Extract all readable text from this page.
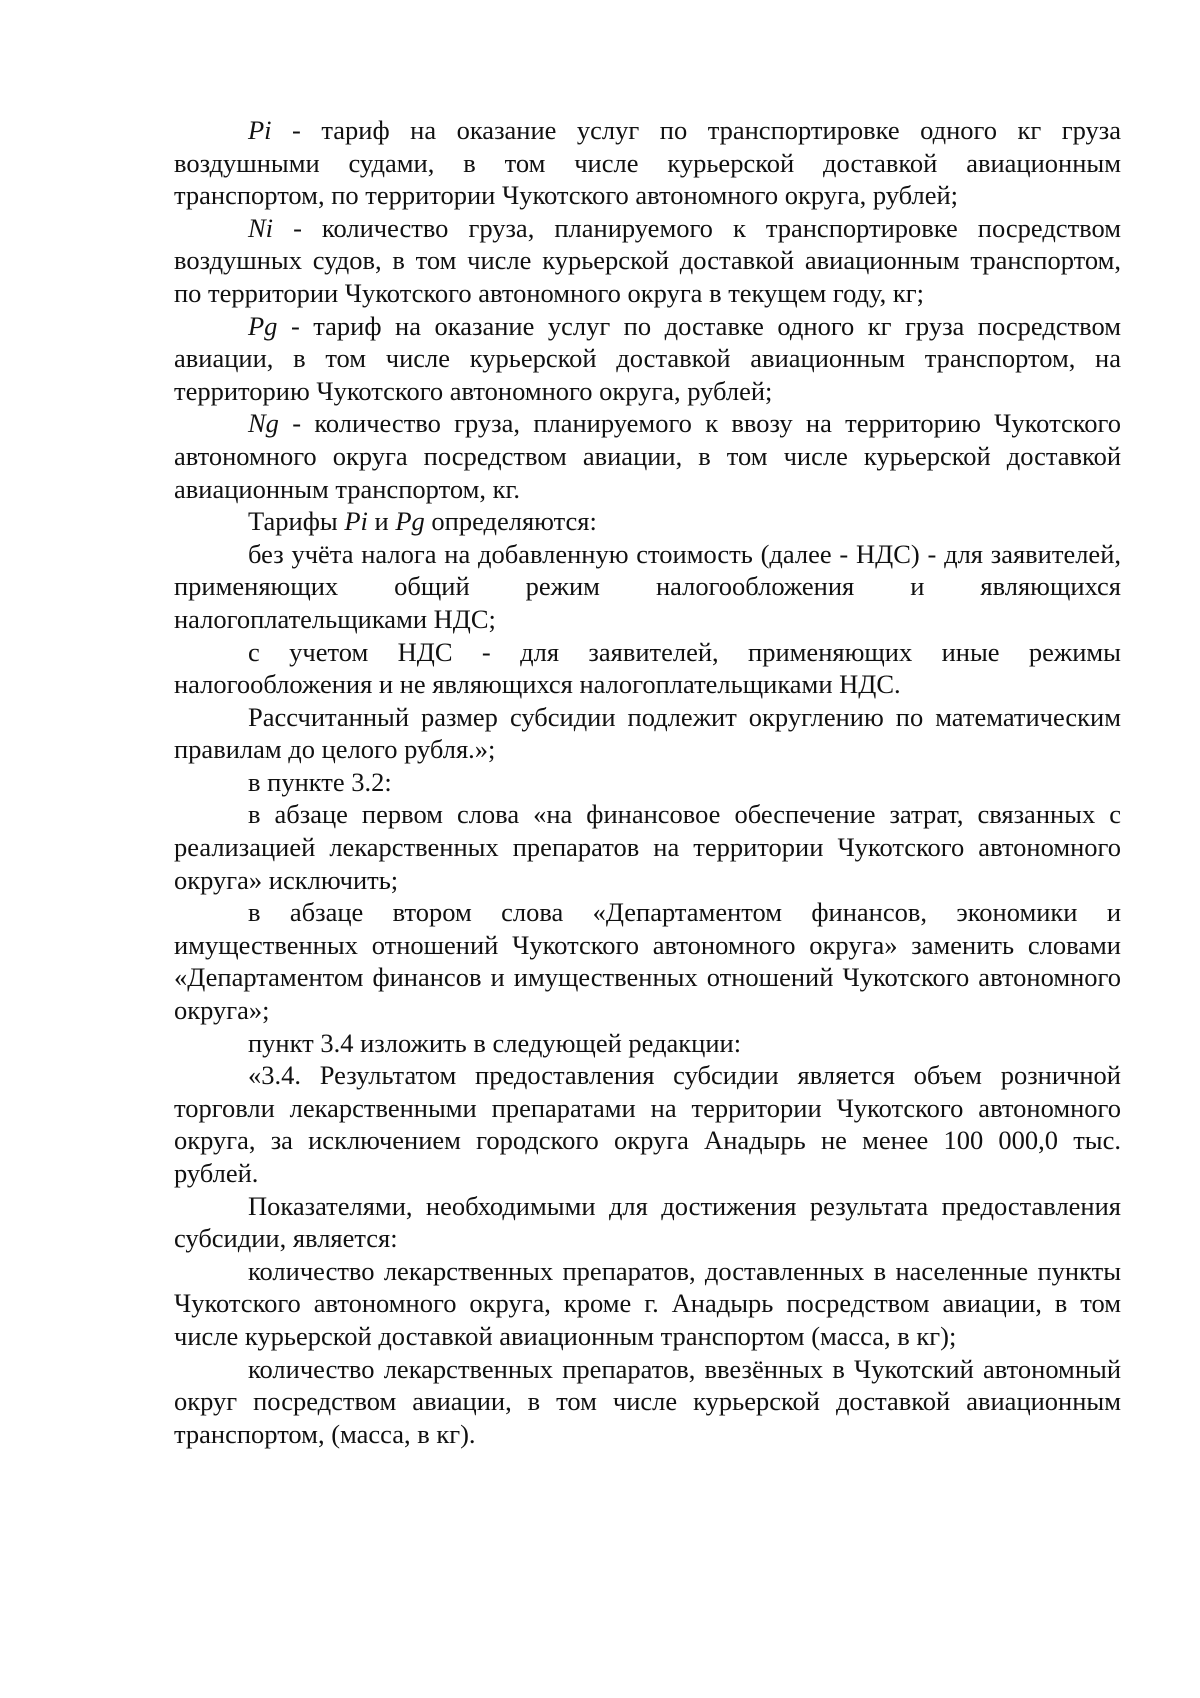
Pi - тариф на оказание услуг по транспортировке одного кг груза воздушными судами, в том числе курьерской доставкой авиационным транспортом, по территории Чукотского автономного округа, рублей;

Ni - количество груза, планируемого к транспортировке посредством воздушных судов, в том числе курьерской доставкой авиационным транспортом, по территории Чукотского автономного округа в текущем году, кг;

Pg - тариф на оказание услуг по доставке одного кг груза посредством авиации, в том числе курьерской доставкой авиационным транспортом, на территорию Чукотского автономного округа, рублей;

Ng - количество груза, планируемого к ввозу на территорию Чукотского автономного округа посредством авиации, в том числе курьерской доставкой авиационным транспортом, кг.

Тарифы Pi и Pg определяются:

без учёта налога на добавленную стоимость (далее - НДС) - для заявителей, применяющих общий режим налогообложения и являющихся налогоплательщиками НДС;

с учетом НДС - для заявителей, применяющих иные режимы налогообложения и не являющихся налогоплательщиками НДС.

Рассчитанный размер субсидии подлежит округлению по математическим правилам до целого рубля.»;

в пункте 3.2:

в абзаце первом слова «на финансовое обеспечение затрат, связанных с реализацией лекарственных препаратов на территории Чукотского автономного округа» исключить;

в абзаце втором слова «Департаментом финансов, экономики и имущественных отношений Чукотского автономного округа» заменить словами «Департаментом финансов и имущественных отношений Чукотского автономного округа»;

пункт 3.4 изложить в следующей редакции:

«3.4. Результатом предоставления субсидии является объем розничной торговли лекарственными препаратами на территории Чукотского автономного округа, за исключением городского округа Анадырь не менее 100 000,0 тыс. рублей.

Показателями, необходимыми для достижения результата предоставления субсидии, является:

количество лекарственных препаратов, доставленных в населенные пункты Чукотского автономного округа, кроме г. Анадырь посредством авиации, в том числе курьерской доставкой авиационным транспортом (масса, в кг);

количество лекарственных препаратов, ввезённых в Чукотский автономный округ посредством авиации, в том числе курьерской доставкой авиационным транспортом, (масса, в кг).
